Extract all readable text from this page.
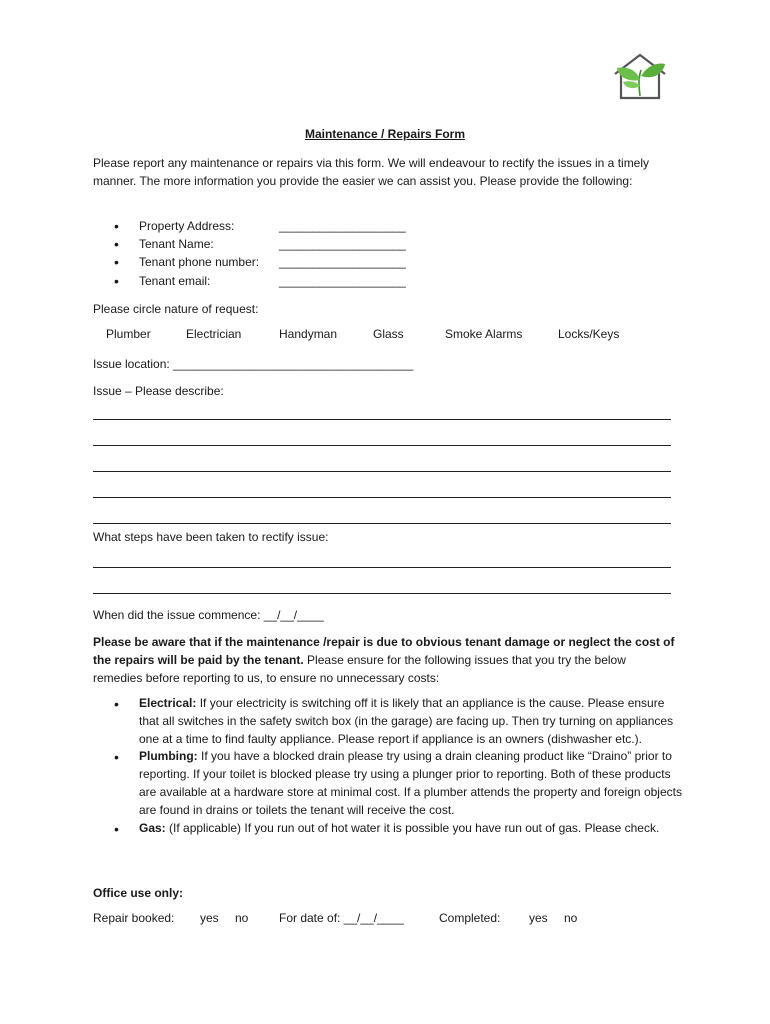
Maintenance / Repairs Form

Please report any maintenance or repairs via this form. We will endeavour to rectify the issues in a timely manner. The more information you provide the easier we can assist you. Please provide the following:

• Property Address:	___________________
• Tenant Name:	___________________
• Tenant phone number: ___________________
• Tenant email:	___________________
Please circle nature of request:
Plumber	Electrician	Handyman	Glass	Smoke Alarms	Locks/Keys
Issue location: ____________________________________
Issue – Please describe:
What steps have been taken to rectify issue:
When did the issue commence: __/__/____

Please be aware that if the maintenance /repair is due to obvious tenant damage or neglect the cost of the repairs will be paid by the tenant. Please ensure for the following issues that you try the below remedies before reporting to us, to ensure no unnecessary costs:

• Electrical: If your electricity is switching off it is likely that an appliance is the cause. Please ensure that all switches in the safety switch box (in the garage) are facing up. Then try turning on appliances one at a time to find faulty appliance. Please report if appliance is an owners (dishwasher etc.).
• Plumbing: If you have a blocked drain please try using a drain cleaning product like “Draino” prior to reporting. If your toilet is blocked please try using a plunger prior to reporting. Both of these products are available at a hardware store at minimal cost. If a plumber attends the property and foreign objects are found in drains or toilets the tenant will receive the cost.
• Gas: (If applicable) If you run out of hot water it is possible you have run out of gas. Please check.
Office use only:
Repair booked: yes no	For date of: __/__/____	Completed: yes no
